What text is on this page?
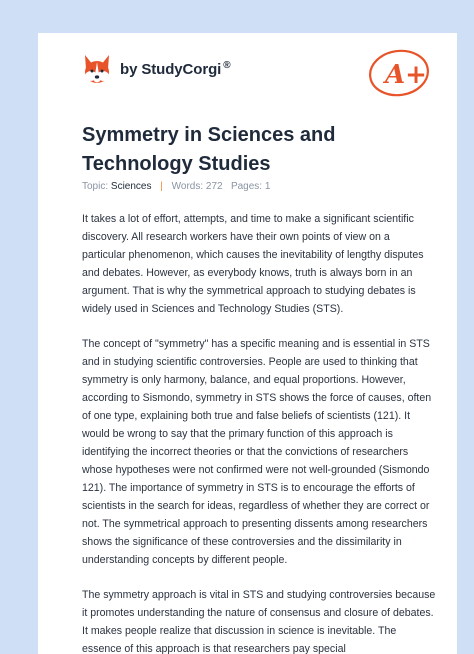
by StudyCorgi ®	A+
Symmetry in Sciences and Technology Studies
Topic: Sciences | Words: 272 Pages: 1

It takes a lot of effort, attempts, and time to make a significant scientific discovery. All research workers have their own points of view on a particular phenomenon, which causes the inevitability of lengthy disputes and debates. However, as everybody knows, truth is always born in an argument. That is why the symmetrical approach to studying debates is widely used in Sciences and Technology Studies (STS).

The concept of "symmetry" has a specific meaning and is essential in STS and in studying scientific controversies. People are used to thinking that symmetry is only harmony, balance, and equal proportions. However, according to Sismondo, symmetry in STS shows the force of causes, often of one type, explaining both true and false beliefs of scientists (121). It would be wrong to say that the primary function of this approach is identifying the incorrect theories or that the convictions of researchers whose hypotheses were not confirmed were not well-grounded (Sismondo 121). The importance of symmetry in STS is to encourage the efforts of scientists in the search for ideas, regardless of whether they are correct or not. The symmetrical approach to presenting dissents among researchers shows the significance of these controversies and the dissimilarity in understanding concepts by different people.

The symmetry approach is vital in STS and studying controversies because it promotes understanding the nature of consensus and closure of debates. It makes people realize that discussion in science is inevitable. The essence of this approach is that researchers pay special
